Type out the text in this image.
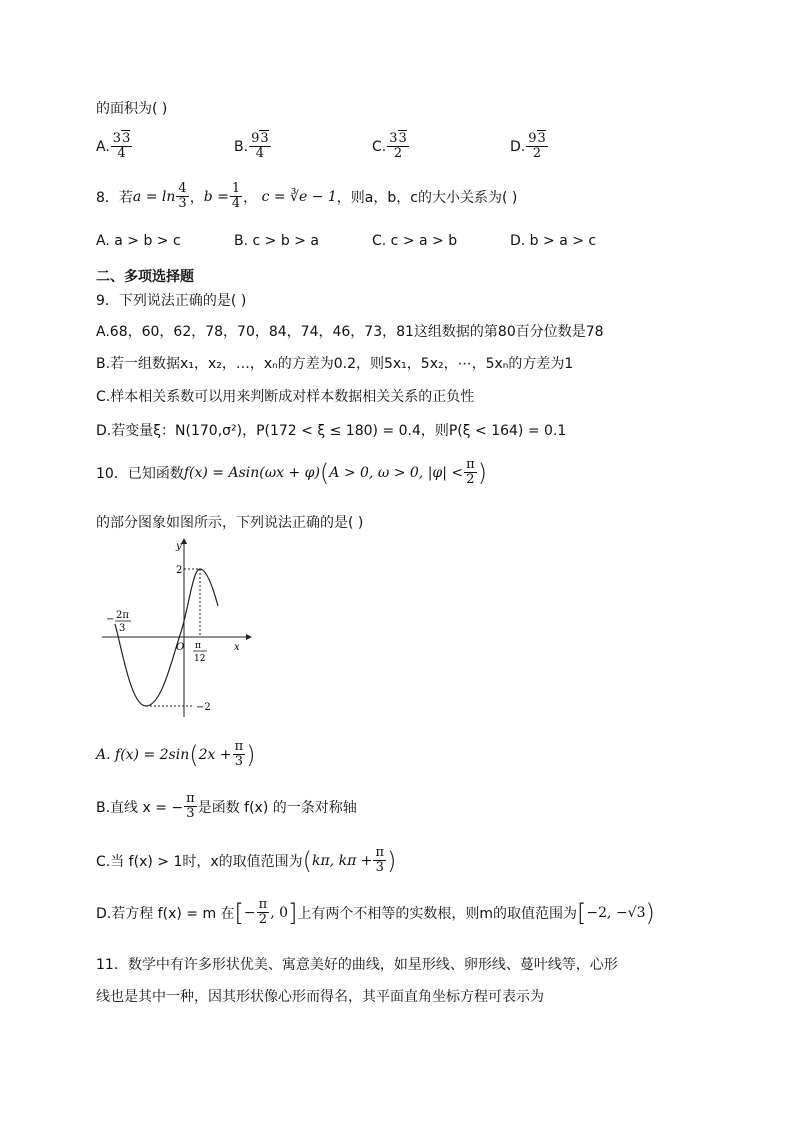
的面积为( )
A. $\frac{33}{4}$	B. $\frac{93}{4}$	C. $\frac{33}{2}$	D. $\frac{93}{2}$
8．若 $a = \ln \frac{4}{3}$ ， $b = \frac{1}{4}$ ， c = ∛e − 1 ，则a，b，c的大小关系为( )
A. a > b > c	B. c > b > a	C. c > a > b	D. b > a > c
二、多项选择题
9．下列说法正确的是( )
A.68，60，62，78，70，84，74，46，73，81这组数据的第80百分位数是78
B.若一组数据x₁，x₂，…，xₙ的方差为0.2，则5x₁，5x₂，⋯，5xₙ的方差为1
C.样本相关系数可以用来判断成对样本数据相关关系的正负性
D.若变量ξ：N(170,σ²)，P(172 < ξ ≤ 180) = 0.4，则P(ξ < 164) = 0.1
10．已知函数 f(x) = Asin(ωx + φ) ( A > 0, ω > 0, $|\varphi| < \frac{\pi}{2}$ )
的部分图象如图所示，下列说法正确的是( )
y
x
O
2
−2
− 2π
3
π
12
A. f(x) = 2sin ( $2x + \frac{\pi}{3}$ )
B.直线 x = − $\frac{\pi}{3}$ 是函数 f(x) 的一条对称轴
C.当 f(x) > 1时，x的取值范围为 ( kπ, $k\pi + \frac{\pi}{3}$ )
D.若方程 f(x) = m 在 [ − $\frac{\pi}{2}$ , 0 ] 上有两个不相等的实数根，则m的取值范围为 [ −2, −√3 )
11．数学中有许多形状优美、寓意美好的曲线，如星形线、卵形线、蔓叶线等，心形
线也是其中一种，因其形状像心形而得名，其平面直角坐标方程可表示为
